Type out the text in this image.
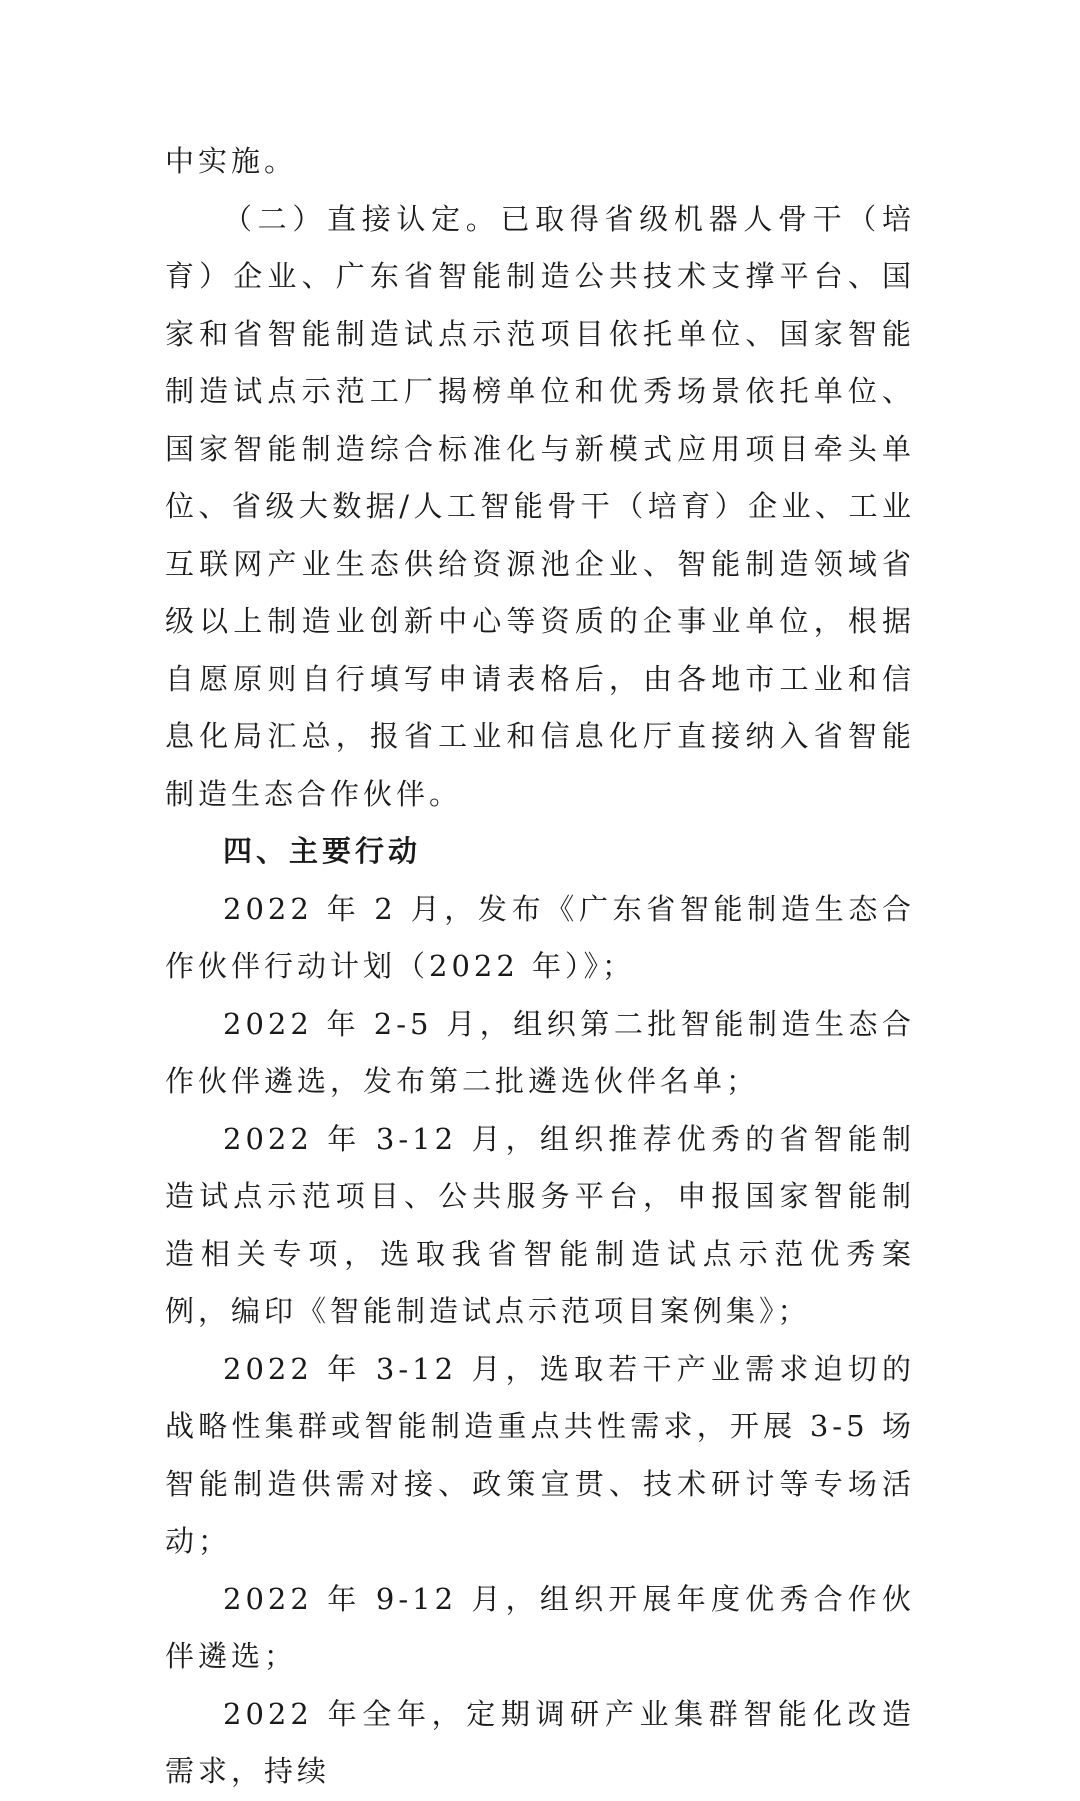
中实施。

（二）直接认定。已取得省级机器人骨干（培育）企业、广东省智能制造公共技术支撑平台、国家和省智能制造试点示范项目依托单位、国家智能制造试点示范工厂揭榜单位和优秀场景依托单位、国家智能制造综合标准化与新模式应用项目牵头单位、省级大数据/人工智能骨干（培育）企业、工业互联网产业生态供给资源池企业、智能制造领域省级以上制造业创新中心等资质的企事业单位，根据自愿原则自行填写申请表格后，由各地市工业和信息化局汇总，报省工业和信息化厅直接纳入省智能制造生态合作伙伴。

四、主要行动

2022 年 2 月，发布《广东省智能制造生态合作伙伴行动计划（2022 年）》；

2022 年 2-5 月，组织第二批智能制造生态合作伙伴遴选，发布第二批遴选伙伴名单；

2022 年 3-12 月，组织推荐优秀的省智能制造试点示范项目、公共服务平台，申报国家智能制造相关专项，选取我省智能制造试点示范优秀案例，编印《智能制造试点示范项目案例集》；

2022 年 3-12 月，选取若干产业需求迫切的战略性集群或智能制造重点共性需求，开展 3-5 场智能制造供需对接、政策宣贯、技术研讨等专场活动；

2022 年 9-12 月，组织开展年度优秀合作伙伴遴选；

2022 年全年，定期调研产业集群智能化改造需求，持续
